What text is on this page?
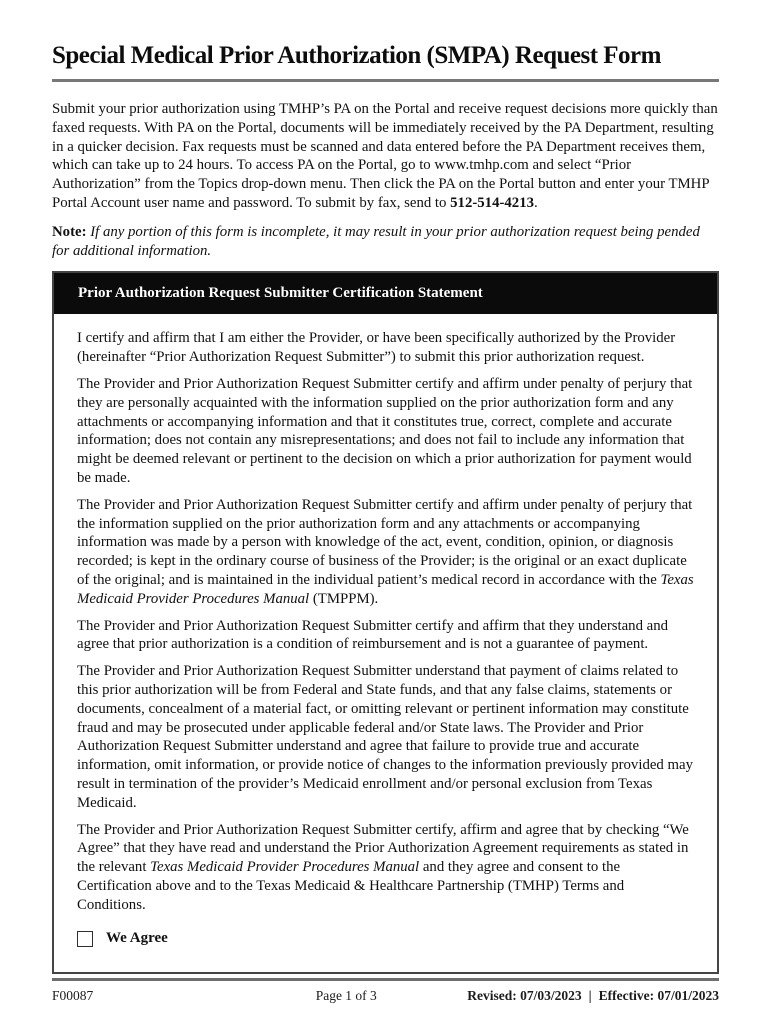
Special Medical Prior Authorization (SMPA) Request Form

Submit your prior authorization using TMHP’s PA on the Portal and receive request decisions more quickly than faxed requests. With PA on the Portal, documents will be immediately received by the PA Department, resulting in a quicker decision. Fax requests must be scanned and data entered before the PA Department receives them, which can take up to 24 hours. To access PA on the Portal, go to www.tmhp.com and select “Prior Authorization” from the Topics drop-down menu. Then click the PA on the Portal button and enter your TMHP Portal Account user name and password. To submit by fax, send to 512-514-4213.

Note: If any portion of this form is incomplete, it may result in your prior authorization request being pended for additional information.

Prior Authorization Request Submitter Certification Statement

I certify and affirm that I am either the Provider, or have been specifically authorized by the Provider (hereinafter “Prior Authorization Request Submitter”) to submit this prior authorization request.

The Provider and Prior Authorization Request Submitter certify and affirm under penalty of perjury that they are personally acquainted with the information supplied on the prior authorization form and any attachments or accompanying information and that it constitutes true, correct, complete and accurate information; does not contain any misrepresentations; and does not fail to include any information that might be deemed relevant or pertinent to the decision on which a prior authorization for payment would be made.

The Provider and Prior Authorization Request Submitter certify and affirm under penalty of perjury that the information supplied on the prior authorization form and any attachments or accompanying information was made by a person with knowledge of the act, event, condition, opinion, or diagnosis recorded; is kept in the ordinary course of business of the Provider; is the original or an exact duplicate of the original; and is maintained in the individual patient’s medical record in accordance with the Texas Medicaid Provider Procedures Manual (TMPPM).

The Provider and Prior Authorization Request Submitter certify and affirm that they understand and agree that prior authorization is a condition of reimbursement and is not a guarantee of payment.

The Provider and Prior Authorization Request Submitter understand that payment of claims related to this prior authorization will be from Federal and State funds, and that any false claims, statements or documents, concealment of a material fact, or omitting relevant or pertinent information may constitute fraud and may be prosecuted under applicable federal and/or State laws. The Provider and Prior Authorization Request Submitter understand and agree that failure to provide true and accurate information, omit information, or provide notice of changes to the information previously provided may result in termination of the provider’s Medicaid enrollment and/or personal exclusion from Texas Medicaid.

The Provider and Prior Authorization Request Submitter certify, affirm and agree that by checking “We Agree” that they have read and understand the Prior Authorization Agreement requirements as stated in the relevant Texas Medicaid Provider Procedures Manual and they agree and consent to the Certification above and to the Texas Medicaid & Healthcare Partnership (TMHP) Terms and Conditions.

We Agree
F00087	Page 1 of 3	Revised: 07/03/2023 | Effective: 07/01/2023
